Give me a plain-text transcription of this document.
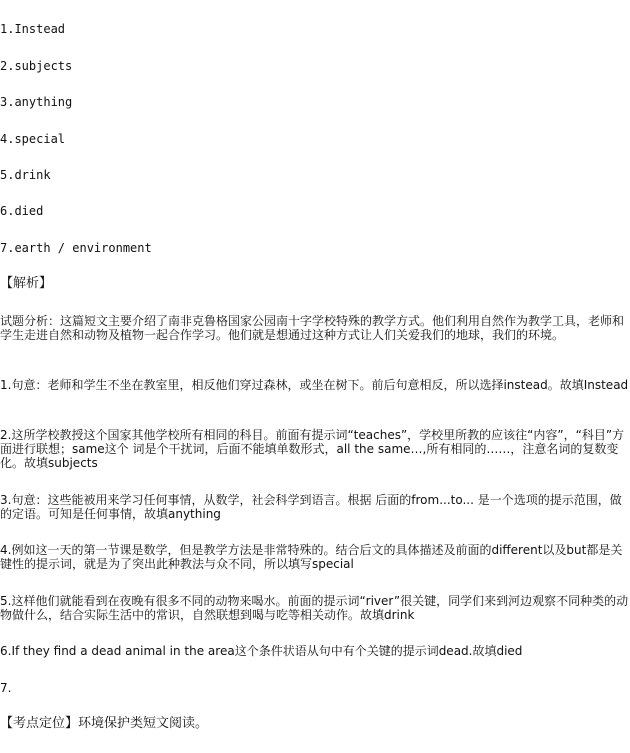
1.Instead
2.subjects
3.anything
4.special
5.drink
6.died
7.earth / environment
【解析】
试题分析：这篇短文主要介绍了南非克鲁格国家公园南十字学校特殊的教学方式。他们利用自然作为教学工具，老师和学生走进自然和动物及植物一起合作学习。他们就是想通过这种方式让人们关爱我们的地球，我们的环境。
1.句意：老师和学生不坐在教室里，相反他们穿过森林，或坐在树下。前后句意相反，所以选择instead。故填Instead
2.这所学校教授这个国家其他学校所有相同的科目。前面有提示词“teaches”，学校里所教的应该往“内容”，“科目”方面进行联想；same这个 词是个干扰词，后面不能填单数形式，all the same…,所有相同的……，注意名词的复数变化。故填subjects
3.句意：这些能被用来学习任何事情，从数学，社会科学到语言。根据 后面的from...to... 是一个选项的提示范围，做的定语。可知是任何事情，故填anything
4.例如这一天的第一节课是数学，但是教学方法是非常特殊的。结合后文的具体描述及前面的different以及but都是关键性的提示词，就是为了突出此种教法与众不同，所以填写special
5.这样他们就能看到在夜晚有很多不同的动物来喝水。前面的提示词“river”很关键，同学们来到河边观察不同种类的动物做什么，结合实际生活中的常识，自然联想到喝与吃等相关动作。故填drink
6.If they find a dead animal in the area这个条件状语从句中有个关键的提示词dead.故填died
7.
【考点定位】环境保护类短文阅读。
